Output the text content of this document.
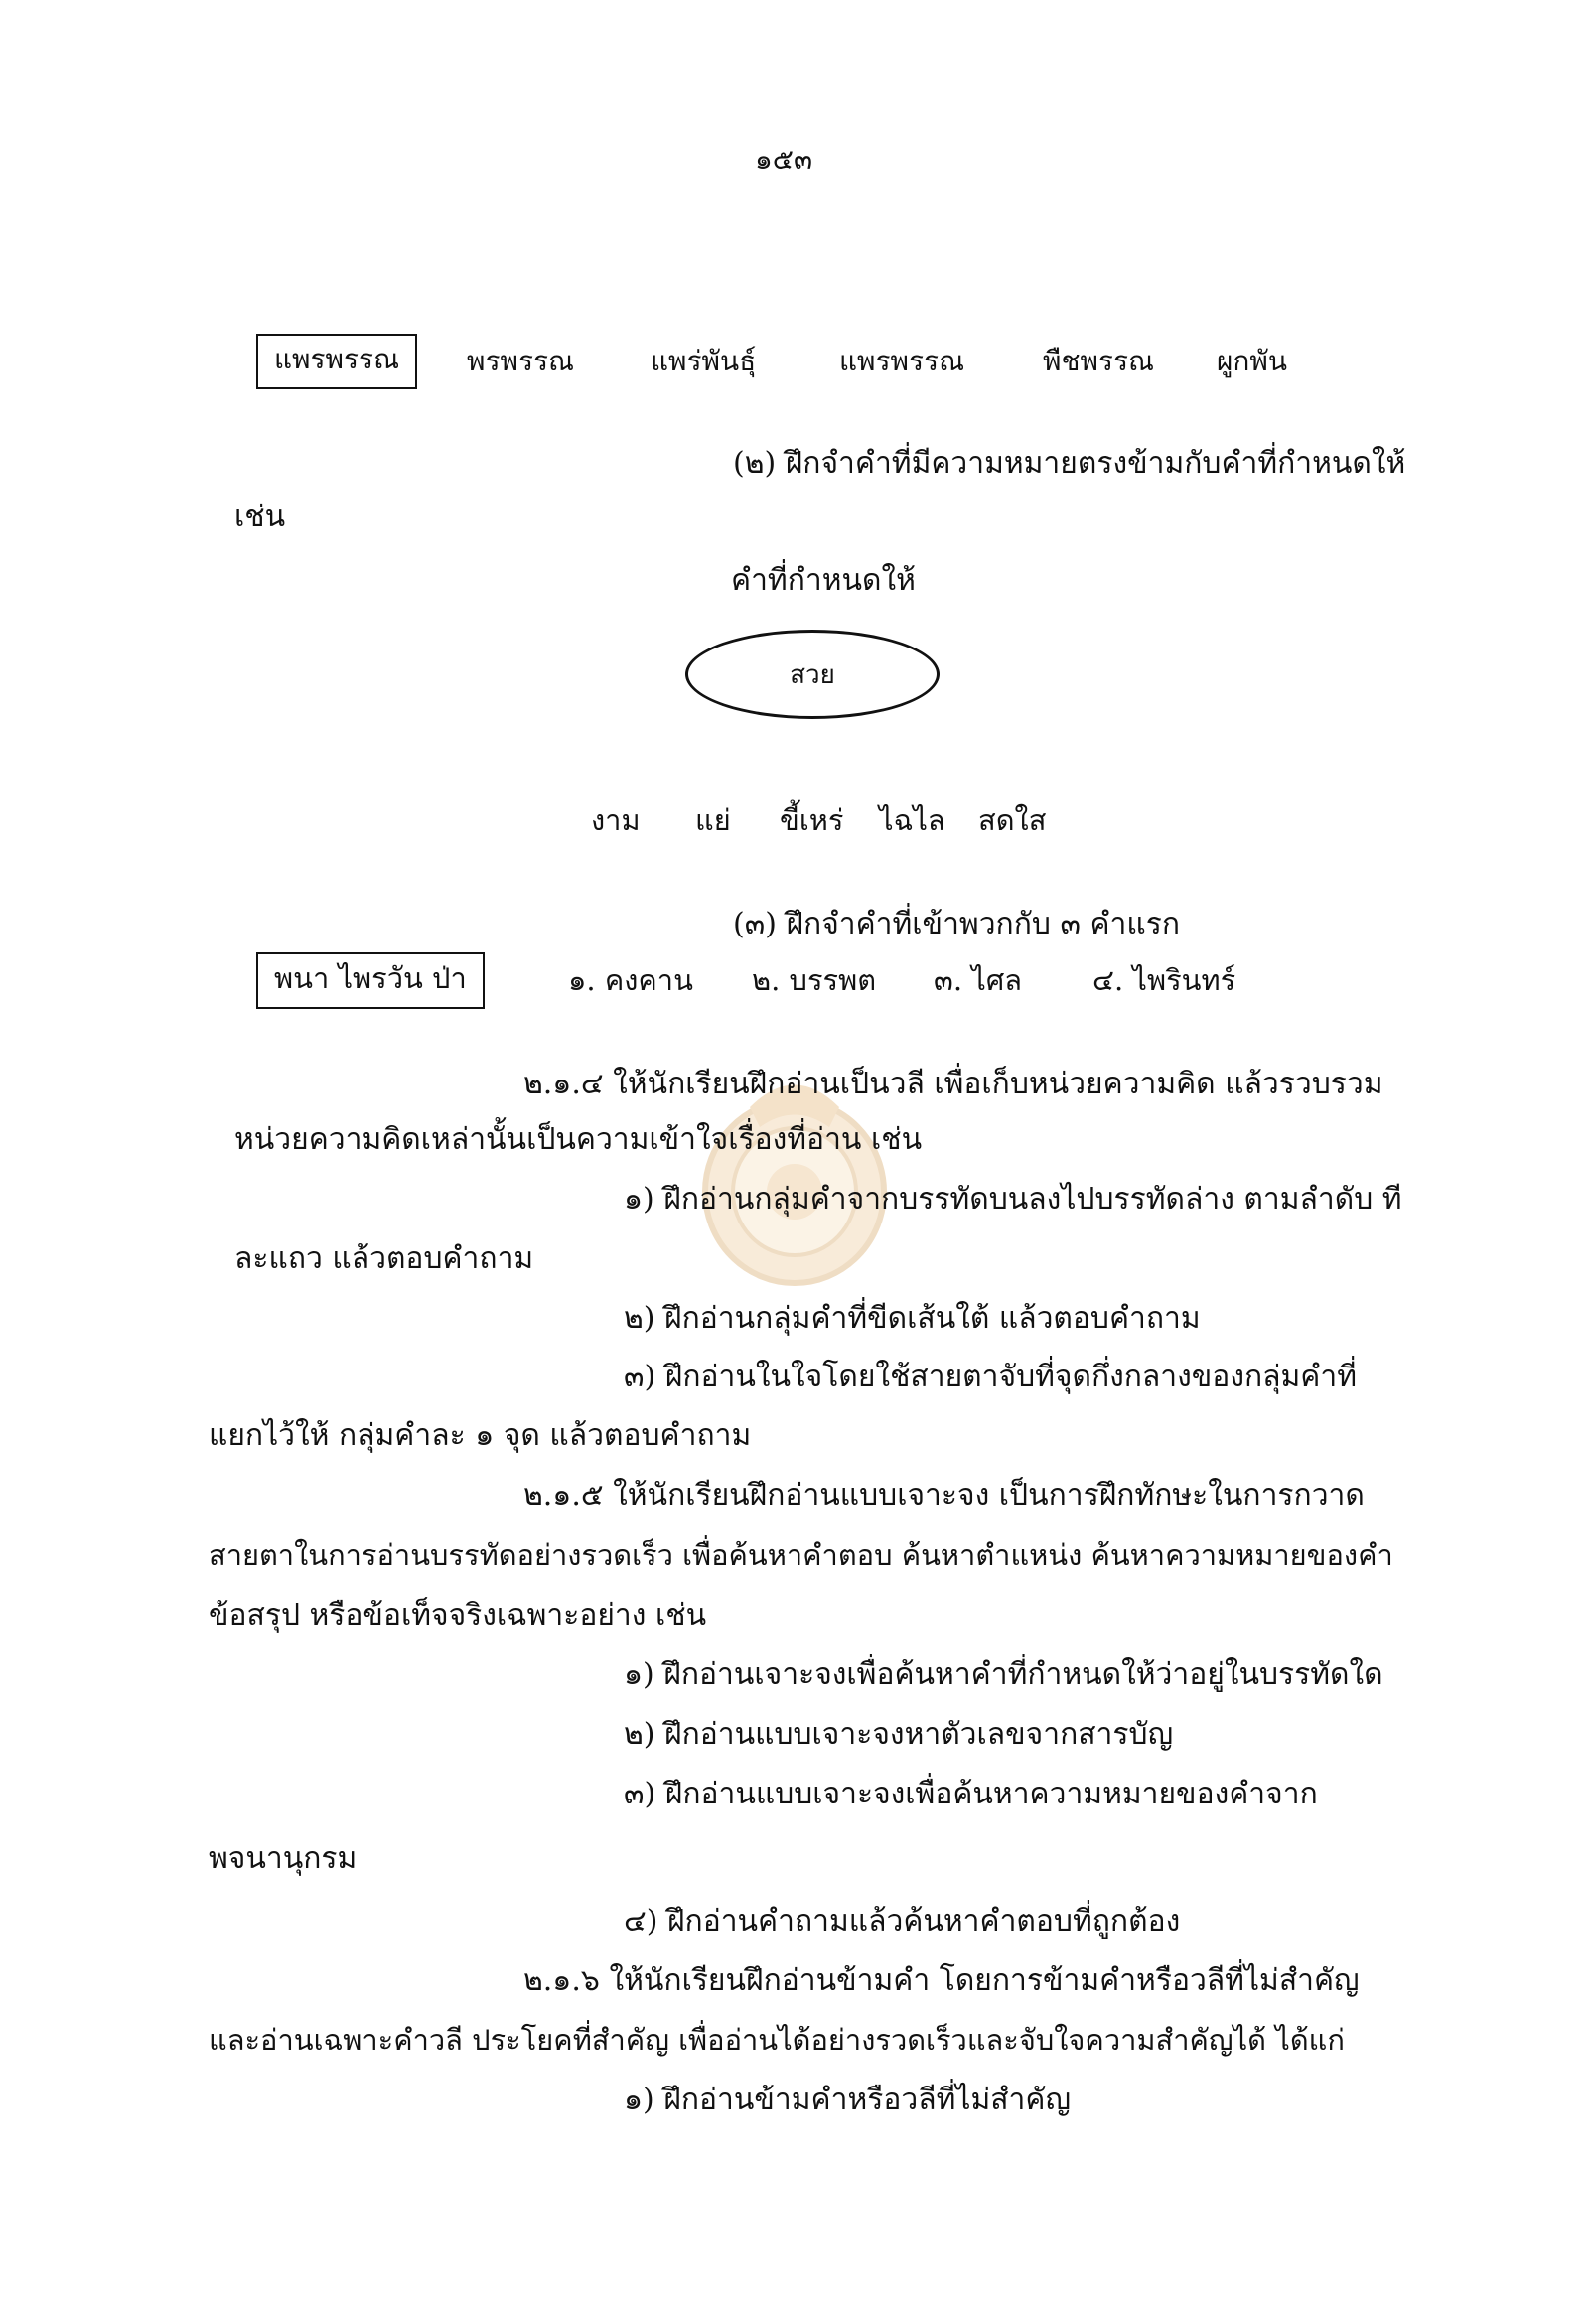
๑๕๓
แพรพรรณ	พรพรรณ	แพร่พันธุ์	แพรพรรณ	พืชพรรณ ผูกพัน
(๒) ฝึกจำคำที่มีความหมายตรงข้ามกับคำที่กำหนดให้
เช่น
คำที่กำหนดให้
สวย
งาม แย่ ขี้เหร่ ไฉไล สดใส
(๓) ฝึกจำคำที่เข้าพวกกับ ๓ คำแรก
พนา ไพรวัน ป่า	๑. คงคาน ๒. บรรพต ๓. ไศล ๔. ไพรินทร์
๒.๑.๔ ให้นักเรียนฝึกอ่านเป็นวลี เพื่อเก็บหน่วยความคิด แล้วรวบรวม
หน่วยความคิดเหล่านั้นเป็นความเข้าใจเรื่องที่อ่าน เช่น
๑) ฝึกอ่านกลุ่มคำจากบรรทัดบนลงไปบรรทัดล่าง ตามลำดับ ที
ละแถว แล้วตอบคำถาม
๒) ฝึกอ่านกลุ่มคำที่ขีดเส้นใต้ แล้วตอบคำถาม
๓) ฝึกอ่านในใจโดยใช้สายตาจับที่จุดกึ่งกลางของกลุ่มคำที่
แยกไว้ให้ กลุ่มคำละ ๑ จุด แล้วตอบคำถาม
๒.๑.๕ ให้นักเรียนฝึกอ่านแบบเจาะจง เป็นการฝึกทักษะในการกวาด
สายตาในการอ่านบรรทัดอย่างรวดเร็ว เพื่อค้นหาคำตอบ ค้นหาตำแหน่ง ค้นหาความหมายของคำ
ข้อสรุป หรือข้อเท็จจริงเฉพาะอย่าง เช่น
๑) ฝึกอ่านเจาะจงเพื่อค้นหาคำที่กำหนดให้ว่าอยู่ในบรรทัดใด
๒) ฝึกอ่านแบบเจาะจงหาตัวเลขจากสารบัญ
๓) ฝึกอ่านแบบเจาะจงเพื่อค้นหาความหมายของคำจาก
พจนานุกรม
๔) ฝึกอ่านคำถามแล้วค้นหาคำตอบที่ถูกต้อง
๒.๑.๖ ให้นักเรียนฝึกอ่านข้ามคำ โดยการข้ามคำหรือวลีที่ไม่สำคัญ
และอ่านเฉพาะคำวลี ประโยคที่สำคัญ เพื่ออ่านได้อย่างรวดเร็วและจับใจความสำคัญได้ ได้แก่
๑) ฝึกอ่านข้ามคำหรือวลีที่ไม่สำคัญ
